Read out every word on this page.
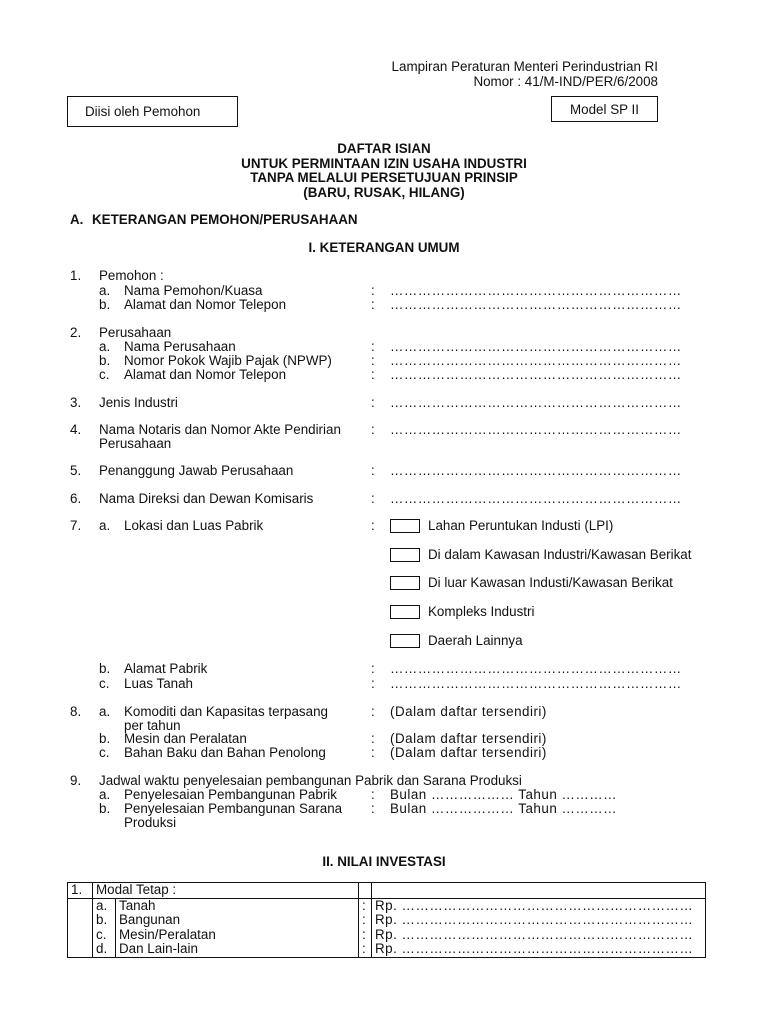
Lampiran Peraturan Menteri Perindustrian RI
Nomor : 41/M-IND/PER/6/2008
Diisi oleh Pemohon	Model SP II
DAFTAR ISIAN
UNTUK PERMINTAAN IZIN USAHA INDUSTRI
TANPA MELALUI PERSETUJUAN PRINSIP
(BARU, RUSAK, HILANG)
A. KETERANGAN PEMOHON/PERUSAHAAN
I. KETERANGAN UMUM
1. Pemohon :
a. Nama Pemohon/Kuasa	: ………………………………………………………
b. Alamat dan Nomor Telepon	: ………………………………………………………
2. Perusahaan
a. Nama Perusahaan	: ………………………………………………………
b. Nomor Pokok Wajib Pajak (NPWP)	: ………………………………………………………
c. Alamat dan Nomor Telepon	: ………………………………………………………
3. Jenis Industri	: ………………………………………………………
4. Nama Notaris dan Nomor Akte Pendirian : ………………………………………………………
Perusahaan
5. Penanggung Jawab Perusahaan	: ………………………………………………………
6. Nama Direksi dan Dewan Komisaris	: ………………………………………………………
7. a. Lokasi dan Luas Pabrik	:	Lahan Peruntukan Industi (LPI)
Di dalam Kawasan Industri/Kawasan Berikat
Di luar Kawasan Industi/Kawasan Berikat
Kompleks Industri
Daerah Lainnya
b. Alamat Pabrik	: ………………………………………………………
c. Luas Tanah	: ………………………………………………………
8. a. Komoditi dan Kapasitas terpasang	: (Dalam daftar tersendiri)
per tahun
b. Mesin dan Peralatan	: (Dalam daftar tersendiri)
c. Bahan Baku dan Bahan Penolong	: (Dalam daftar tersendiri)
9. Jadwal waktu penyelesaian pembangunan Pabrik dan Sarana Produksi
a. Penyelesaian Pembangunan Pabrik	: Bulan ……………… Tahun …………
b. Penyelesaian Pembangunan Sarana : Bulan ……………… Tahun …………
Produksi
II. NILAI INVESTASI
1.	Modal Tetap :			
	a.	Tanah	:	Rp. ………………………………………………………
	b.	Bangunan	:	Rp. ………………………………………………………
	c.	Mesin/Peralatan	:	Rp. ………………………………………………………
	d.	Dan Lain-lain	:	Rp. ………………………………………………………
